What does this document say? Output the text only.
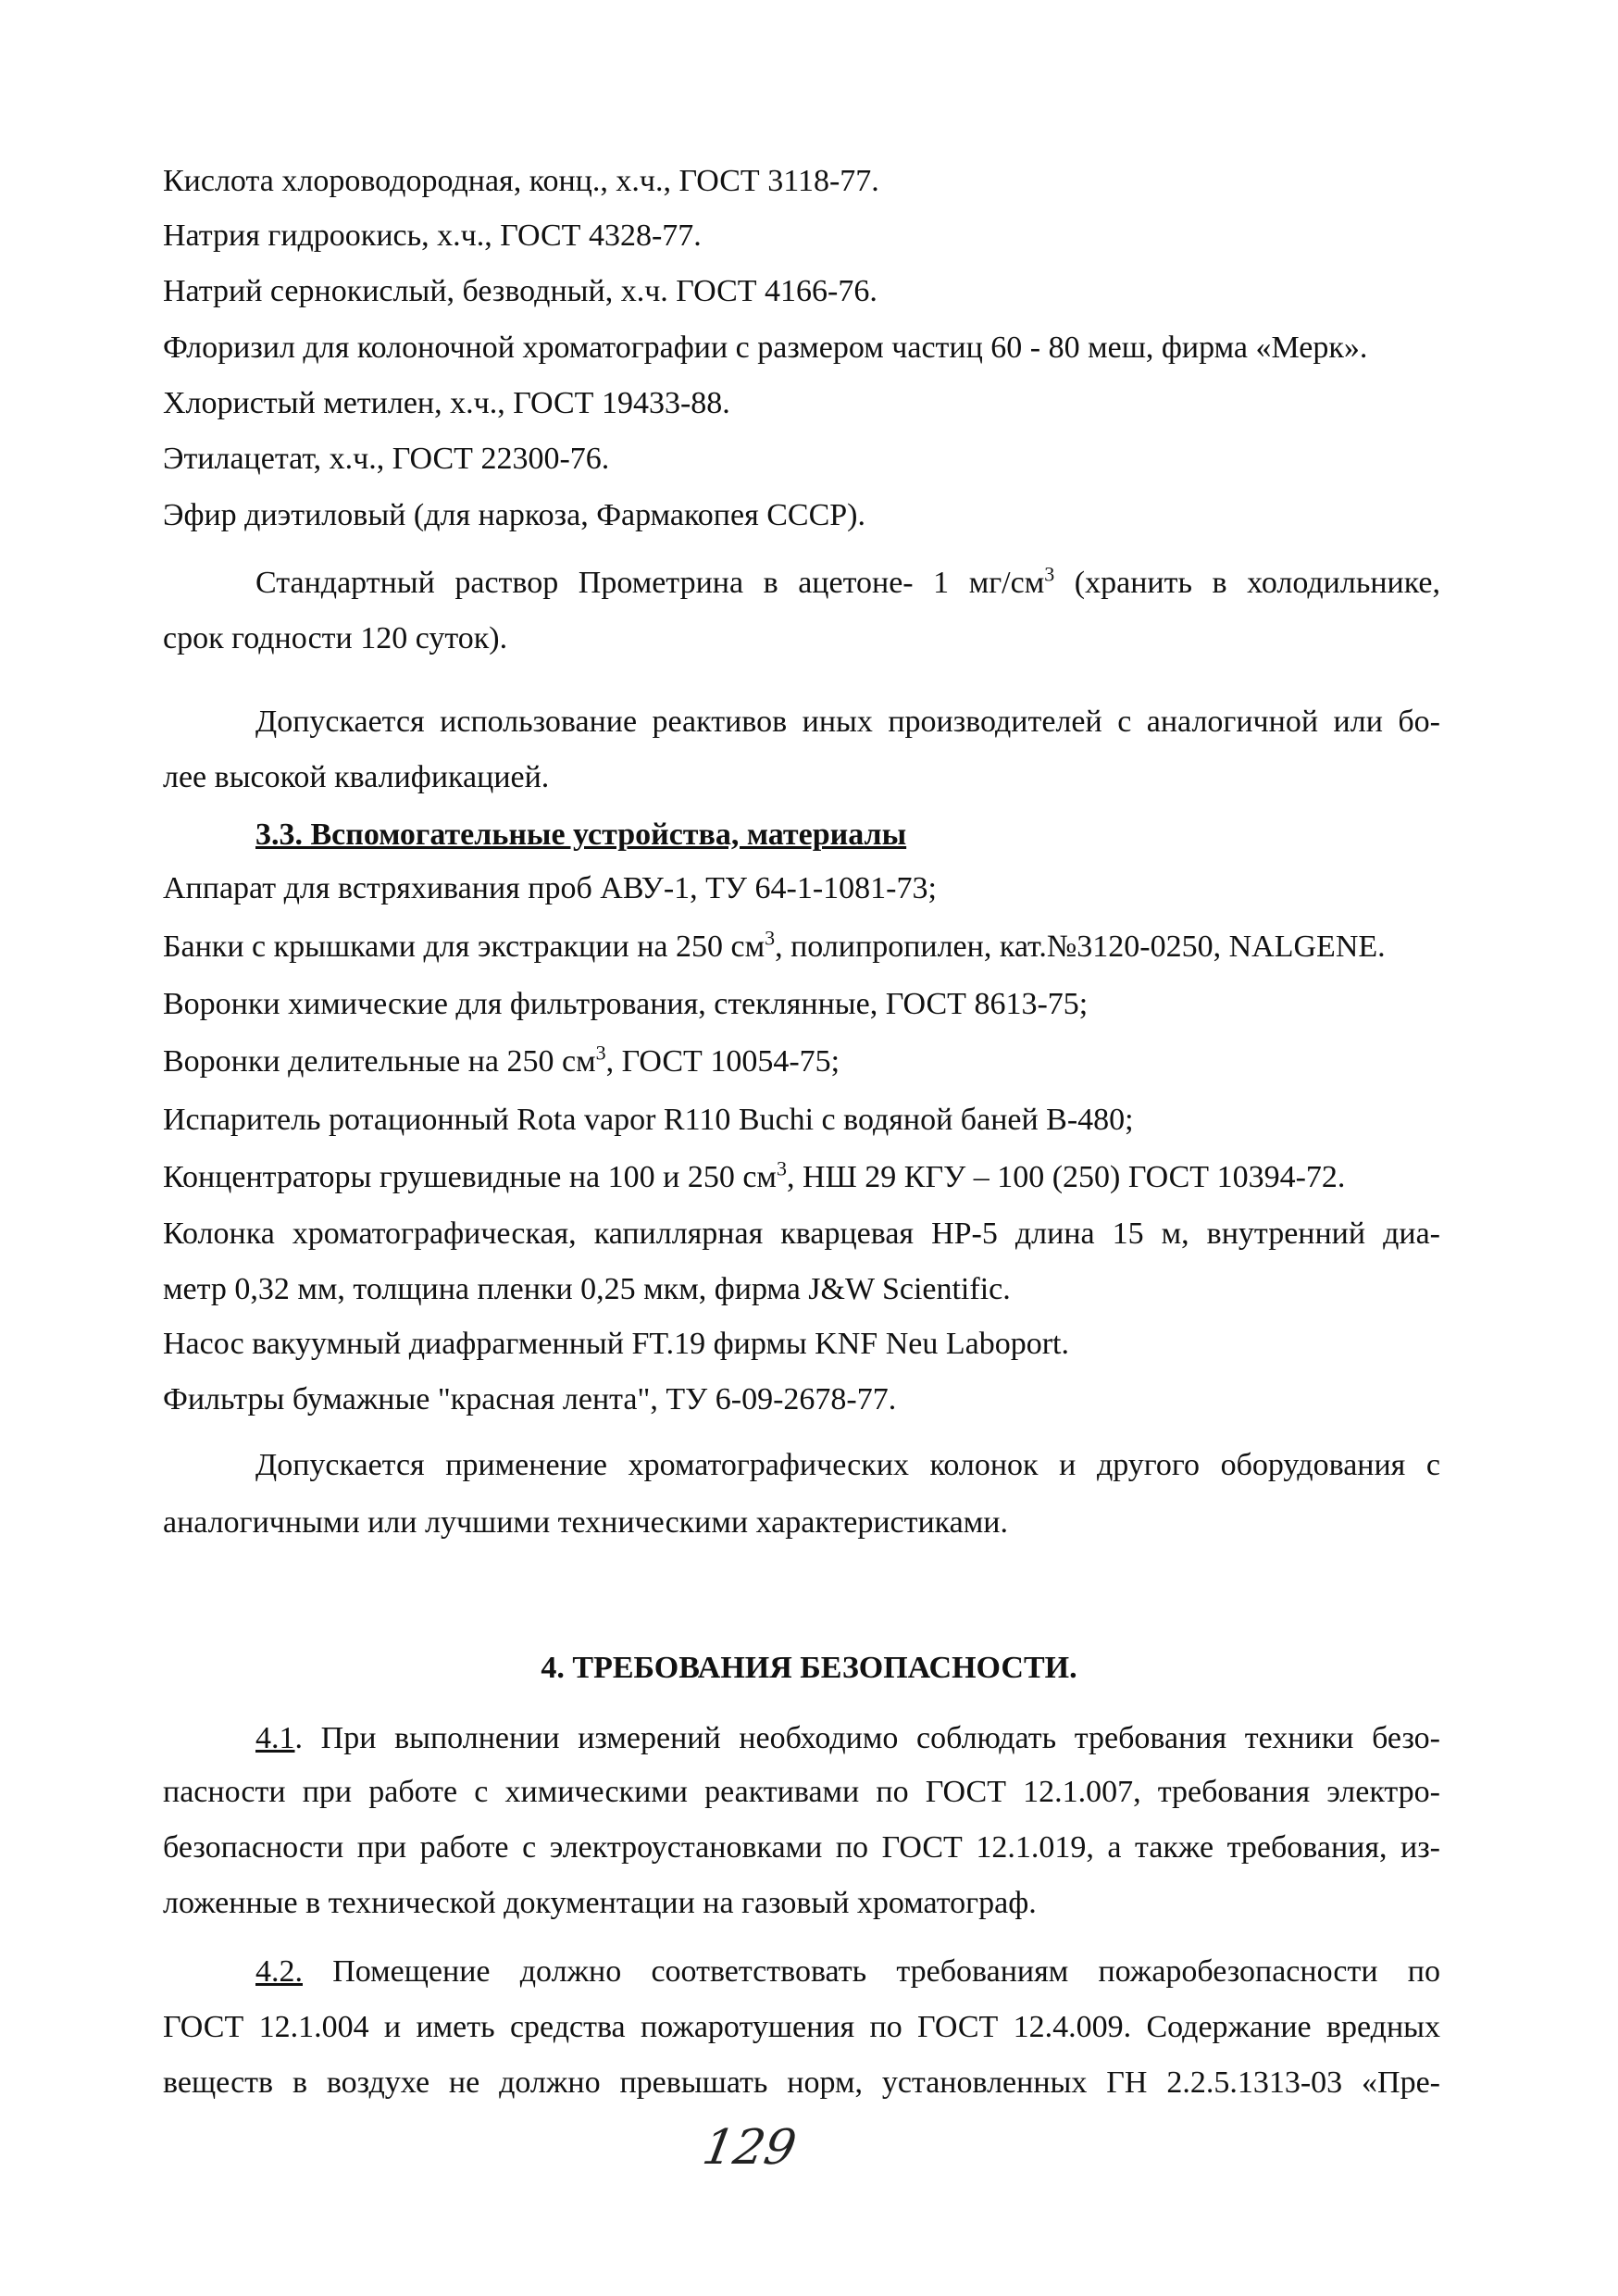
Кислота хлороводородная, конц., х.ч., ГОСТ 3118-77.
Натрия гидроокись, х.ч., ГОСТ 4328-77.
Натрий сернокислый, безводный, х.ч. ГОСТ 4166-76.
Флоризил для колоночной хроматографии с размером частиц 60 - 80 меш, фирма «Мерк».
Хлористый метилен, х.ч., ГОСТ 19433-88.
Этилацетат, х.ч., ГОСТ 22300-76.
Эфир диэтиловый (для наркоза, Фармакопея СССР).
Стандартный раствор Прометрина в ацетоне- 1 $мг/см^3$ (хранить в холодильнике,
срок годности 120 суток).
Допускается использование реактивов иных производителей с аналогичной или бо-
лее высокой квалификацией.
3.3. Вспомогательные устройства, материалы
Аппарат для встряхивания проб АВУ-1, ТУ 64-1-1081-73;
Банки с крышками для экстракции на 250 $см^3$, полипропилен, кат.№3120-0250, NALGENE.
Воронки химические для фильтрования, стеклянные, ГОСТ 8613-75;
Воронки делительные на 250 $см^3$, ГОСТ 10054-75;
Испаритель ротационный Rota vapor R110 Buchi с водяной баней В-480;
Концентраторы грушевидные на 100 и 250 $см^3$, НШ 29 КГУ – 100 (250) ГОСТ 10394-72.
Колонка хроматографическая, капиллярная кварцевая HP-5 длина 15 м, внутренний диа-
метр 0,32 мм, толщина пленки 0,25 мкм, фирма J&W Scientific.
Насос вакуумный диафрагменный FT.19 фирмы KNF Neu Laboport.
Фильтры бумажные "красная лента", ТУ 6-09-2678-77.
Допускается применение хроматографических колонок и другого оборудования с
аналогичными или лучшими техническими характеристиками.
4. ТРЕБОВАНИЯ БЕЗОПАСНОСТИ.
4.1. При выполнении измерений необходимо соблюдать требования техники безо-
пасности при работе с химическими реактивами по ГОСТ 12.1.007, требования электро-
безопасности при работе с электроустановками по ГОСТ 12.1.019, а также требования, из-
ложенные в технической документации на газовый хроматограф.
4.2. Помещение должно соответствовать требованиям пожаробезопасности по
ГОСТ 12.1.004 и иметь средства пожаротушения по ГОСТ 12.4.009. Содержание вредных
веществ в воздухе не должно превышать норм, установленных ГН 2.2.5.1313-03 «Пре-
129
